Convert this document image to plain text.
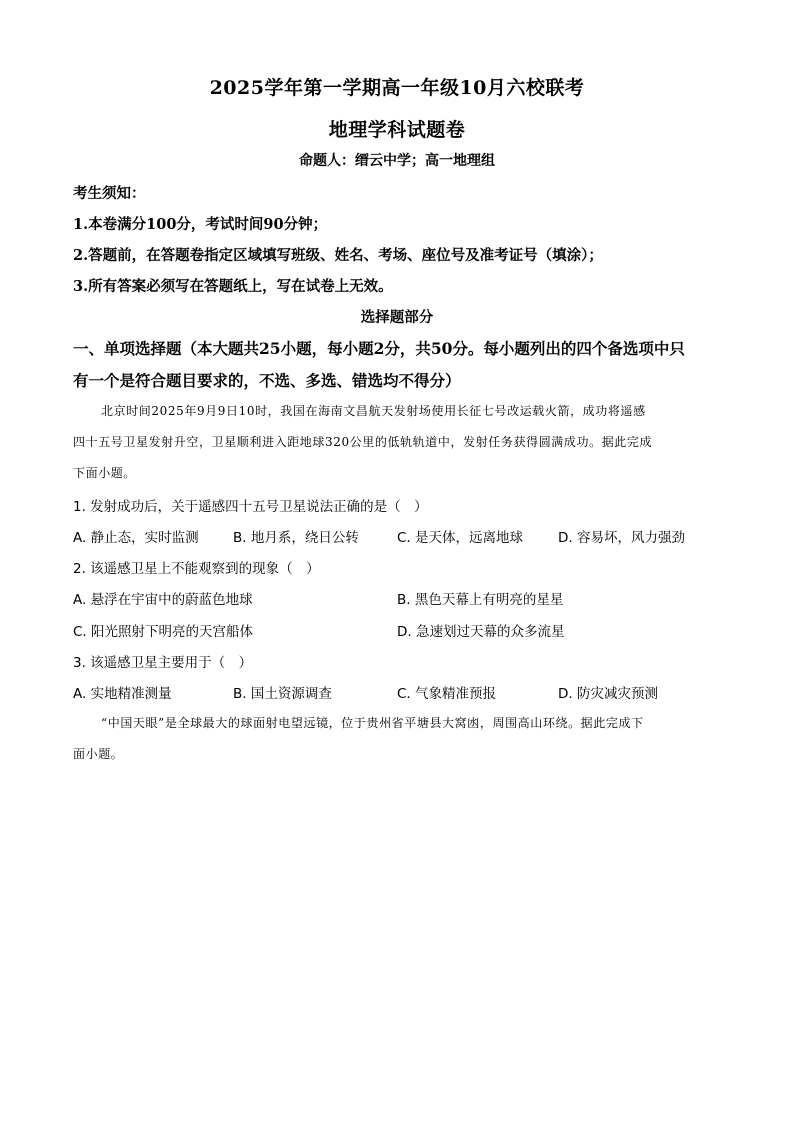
2025学年第一学期高一年级10月六校联考
地理学科试题卷
命题人：缙云中学；高一地理组
考生须知：
1.本卷满分100分，考试时间90分钟；
2.答题前，在答题卷指定区域填写班级、姓名、考场、座位号及准考证号（填涂）；
3.所有答案必须写在答题纸上，写在试卷上无效。
选择题部分
一、单项选择题（本大题共25小题，每小题2分，共50分。每小题列出的四个备选项中只
有一个是符合题目要求的，不选、多选、错选均不得分）
北京时间2025年9月9日10时，我国在海南文昌航天发射场使用长征七号改运载火箭，成功将遥感
四十五号卫星发射升空，卫星顺利进入距地球320公里的低轨轨道中，发射任务获得圆满成功。据此完成
下面小题。
1. 发射成功后，关于遥感四十五号卫星说法正确的是（　）
A. 静止态，实时监测	B. 地月系，绕日公转	C. 是天体，远离地球	D. 容易坏，风力强劲
2. 该遥感卫星上不能观察到的现象（　）
A. 悬浮在宇宙中的蔚蓝色地球	B. 黑色天幕上有明亮的星星
C. 阳光照射下明亮的天宫船体	D. 急速划过天幕的众多流星
3. 该遥感卫星主要用于（　）
A. 实地精准测量	B. 国土资源调查	C. 气象精准预报	D. 防灾减灾预测
“中国天眼”是全球最大的球面射电望远镜，位于贵州省平塘县大窝凼，周围高山环绕。据此完成下
面小题。
